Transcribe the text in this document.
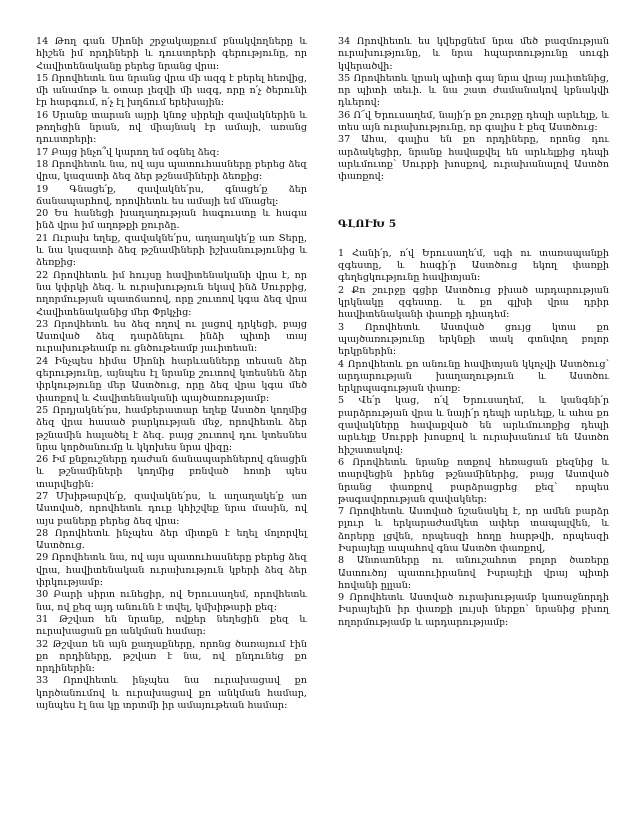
14 Թող գան Սիոնի շրջակայքում բնակվողները և հիշեն իմ որդիների և դուստրերի գերությունը, որ Հավիտենականը բերեց նրանց վրա:

15 Որովհետև նա նրանց վրա մի ազգ է բերել հեռվից, մի անամոթ և օտար լեզվի մի ազգ, որը ո՛չ ծերունի էր հարգում, ո՛չ էլ խղճում երեխային:

16 Սրանք տարան այրի կնոջ սիրելի զավակներին և թողեցին նրան, ով միայնակ էր ամայի, առանց դուստրերի:

17 Բայց ինչո՞վ կարող եմ օգնել ձեզ:

18 Որովհետև նա, ով այս պատուհասները բերեց ձեզ վրա, կազատի ձեզ ձեր թշնամիների ձեռքից:

19 Գնացե՛ք, զավակնե՛րս, գնացե՛ք ձեր ճանապարհով, որովհետև ես ամայի եմ մնացել:

20 Ես հանեցի խաղաղության հագուստը և հագա ինձ վրա իմ աղոթքի քուրձը.

21 Ուրախ եղեք, զավակնե՛րս, աղաղակե՛ք առ Տերը, և նա կազատի ձեզ թշնամիների իշխանությունից և ձեռքից:

22 Որովհետև իմ հույսը հավիտենականի վրա է, որ նա կփրկի ձեզ. և ուրախություն եկավ ինձ Սուրբից, ողորմության պատճառով, որը շուտով կգա ձեզ վրա Հավիտենականից մեր Փրկչից:

23 Որովհետև ես ձեզ ողով ու լացով դրկեցի, բայց Աստված ձեզ դարձնելու ինձի պիտի տայ ուրախութեամբ ու ցնծութեամբ յաւիտեան:

24 Ինչպես հիմա Սիոնի հարևանները տեսան ձեր գերությունը, այնպես էլ նրանք շուտով կտեսնեն ձեր փրկությունը մեր Աստծուց, որը ձեզ վրա կգա մեծ փառքով և Հավիտենականի պայծառությամբ:

25 Որդյակնե՛րս, համբերատար եղեք Աստծո կողմից ձեզ վրա հասած բարկության մեջ, որովհետև ձեր թշնամին հալածել է ձեզ. բայց շուտով դու կտեսնես նրա կործանումը և կկոխես նրա վիզը:

26 Իմ քնքուշները դաժան ճանապարհներով գնացին և թշնամիների կողմից բռնված հոտի պես տարվեցին:

27 Մխիթարվե՛ք, զավակնե՛րս, և աղաղակե՛ք առ Աստված, որովհետև դուք կհիշվեք նրա մասին, ով այս բաները բերեց ձեզ վրա:

28 Որովհետև ինչպես ձեր միտքն է եղել մոլորվել Աստծուց.

29 Որովհետև նա, ով այս պատուհասները բերեց ձեզ վրա, հավիտենական ուրախություն կբերի ձեզ ձեր փրկությամբ:

30 Բարի սիրտ ունեցիր, ով Երուսաղեմ, որովհետև նա, ով քեզ այդ անունն է տվել, կմխիթարի քեզ:

31 Թշվառ են նրանք, ովքեր նեղեցին քեզ և ուրախացան քո անկման համար:

32 Թշվառ են այն քաղաքները, որոնց ծառայում էին քո որդիները, թշվառ է նա, ով ընդունեց քո որդիներին:

33 Որովհետև ինչպես նա ուրախացավ քո կործանումով և ուրախացավ քո անկման համար, այնպես էլ նա կը տրտմի իր ամայութեան համար:

34 Որովհետև ես կվերցնեմ նրա մեծ բազմության ուրախությունը, և նրա հպարտությունը սուգի կվերածվի:

35 Որովհետև կրակ պիտի գայ նրա վրայ յաւիտենից, որ պիտի տեւի. և նա շատ ժամանակով կբնակվի դևերով:

36 Ո՜վ Երուսաղեմ, նայի՛ր քո շուրջը դեպի արևելք, և տես այն ուրախությունը, որ գալիս է քեզ Աստծուց:

37 Ահա, գալիս են քո որդիները, որոնց դու արձակեցիր, նրանք հավաքվել են արևելքից դեպի արևմուտք՝ Սուրբի խոսքով, ուրախանալով Աստծո փառքով:

ԳԼՈՒԽ 5

1 Հանի՛ր, ո՛վ Երուսաղե՛մ, սգի ու տառապանքի զգեստը, և հագի՛ր Աստծուց եկող փառքի գեղեցկությունը հավիտյան:

2 Քո շուրջը գցիր Աստծուց բխած արդարության կրկնակը զգեստը. և քո գլխի վրա դրիր հավիտենականի փառքի դիադեմ:

3 Որովհետև Աստված ցույց կտա քո պայծառությունը երկնքի տակ գտնվող բոլոր երկրներին:

4 Որովհետև քո անունը հավիտյան կկոչվի Աստծուց՝ արդարության խաղաղություն և Աստծու երկրպագության փառք:

5 Վե՛ր կաց, ո՛վ Երուսաղեմ, և կանգնի՛ր բարձրության վրա և նայի՛ր դեպի արևելք, և ահա քո զավակները հավաքված են արևմուտքից դեպի արևելք Սուրբի խոսքով և ուրախանում են Աստծո հիշատակով:

6 Որովհետև նրանք ոտքով հեռացան քեզնից և տարվեցին իրենց թշնամիներից, բայց Աստված նրանց փառքով բարձրացրեց քեզ՝ որպես թագավորության զավակներ:

7 Որովհետև Աստված նշանակել է, որ ամեն բարձր բլուր և երկարաժամկետ ափեր տապալվեն, և ձորերը լցվեն, որպեսզի հողը հարթվի, որպեսզի Իսրայելը ապահով գնա Աստծո փառքով,

8 Անտառները ու անուշահոտ բոլոր ծառերը Աստուծոյ պատուիրանով Իսրայէլի վրայ պիտի հովանի ըլլան:

9 Որովհետև Աստված ուրախությամբ կառաջնորդի Իսրայելին իր փառքի լույսի ներքո՝ նրանից բխող ողորմությամբ և արդարությամբ:
